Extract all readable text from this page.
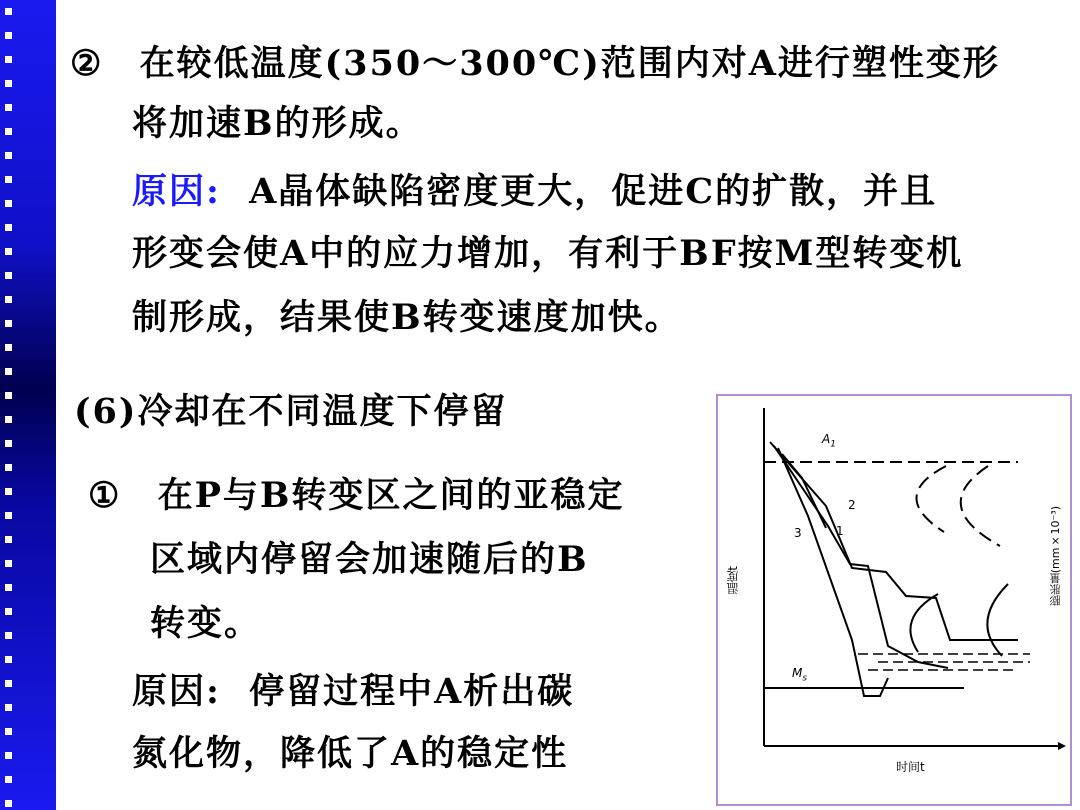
② 在较低温度(350～300℃)范围内对A进行塑性变形
将加速B的形成。
原因: A晶体缺陷密度更大，促进C的扩散，并且
形变会使A中的应力增加，有利于BF按M型转变机
制形成，结果使B转变速度加快。
(6)冷却在不同温度下停留
① 在P与B转变区之间的亚稳定
区域内停留会加速随后的B
转变。
原因: 停留过程中A析出碳
氮化物，降低了A的稳定性
$A_1$
$M_s$
2
1
3
温度t
时间t
膨胀量(mm×10⁻³)
